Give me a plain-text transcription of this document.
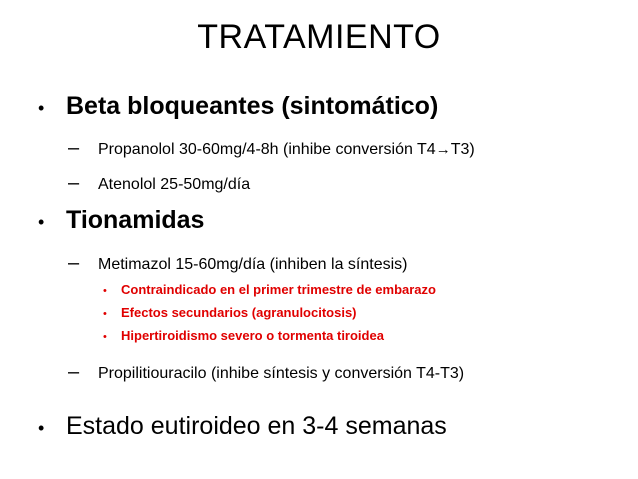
TRATAMIENTO
• Beta bloqueantes (sintomático)
–	Propanolol 30-60mg/4-8h (inhibe conversión T4 → T3)
–	Atenolol 25-50mg/día
• Tionamidas
–	Metimazol 15-60mg/día (inhiben la síntesis)
•	Contraindicado en el primer trimestre de embarazo
•	Efectos secundarios (agranulocitosis)
•	Hipertiroidismo severo o tormenta tiroidea
–	Propilitiouracilo (inhibe síntesis y conversión T4-T3)
• Estado eutiroideo en 3-4 semanas
